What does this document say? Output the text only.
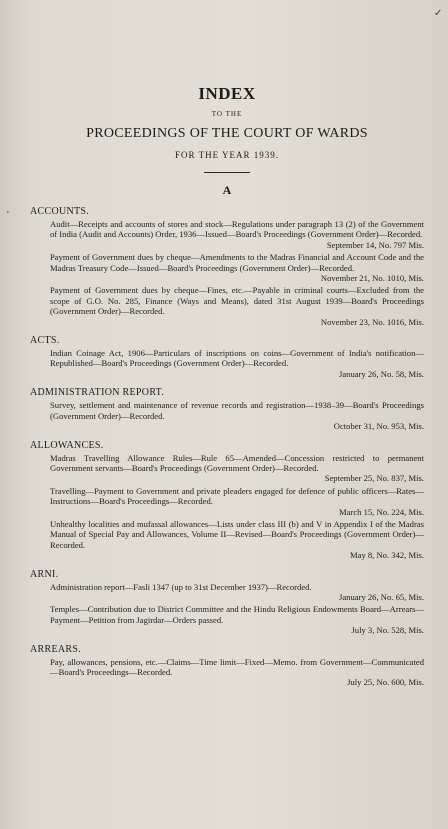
✓
'
INDEX
TO THE
PROCEEDINGS OF THE COURT OF WARDS
FOR THE YEAR 1939.
A
ACCOUNTS.
Audit—Receipts and accounts of stores and stock—Regulations under paragraph 13 (2) of the Government of India (Audit and Accounts) Order, 1936—Issued—Board's Proceedings (Government Order)—Recorded.
September 14, No. 797 Mis.
Payment of Government dues by cheque—Amendments to the Madras Financial and Account Code and the Madras Treasury Code—Issued—Board's Proceedings (Government Order)—Recorded.
November 21, No. 1010, Mis.
Payment of Government dues by cheque—Fines, etc.—Payable in criminal courts—Excluded from the scope of G.O. No. 285, Finance (Ways and Means), dated 31st August 1939—Board's Proceedings (Government Order)—Recorded.
November 23, No. 1016, Mis.
ACTS.
Indian Coinage Act, 1906—Particulars of inscriptions on coins—Government of India's notification—Republished—Board's Proceedings (Government Order)—Recorded.
January 26, No. 58, Mis.
ADMINISTRATION REPORT.
Survey, settlement and maintenance of revenue records and registration—1938–39—Board's Proceedings (Government Order)—Recorded.
October 31, No. 953, Mis.
ALLOWANCES.
Madras Travelling Allowance Rules—Rule 65—Amended—Concession restricted to permanent Government servants—Board's Proceedings (Government Order)—Recorded.
September 25, No. 837, Mis.
Travelling—Payment to Government and private pleaders engaged for defence of public officers—Rates—Instructions—Board's Proceedings—Recorded.
March 15, No. 224, Mis.
Unhealthy localities and mufassal allowances—Lists under class III (b) and V in Appendix I of the Madras Manual of Special Pay and Allowances, Volume II—Revised—Board's Proceedings (Government Order)—Recorded.
May 8, No. 342, Mis.
ARNI.
Administration report—Fasli 1347 (up to 31st December 1937)—Recorded.
January 26, No. 65, Mis.
Temples—Contribution due to District Committee and the Hindu Religious Endowments Board—Arrears—Payment—Petition from Jagirdar—Orders passed.
July 3, No. 528, Mis.
ARREARS.
Pay, allowances, pensions, etc.—Claims—Time limit—Fixed—Memo. from Government—Communicated—Board's Proceedings—Recorded.
July 25, No. 600, Mis.
